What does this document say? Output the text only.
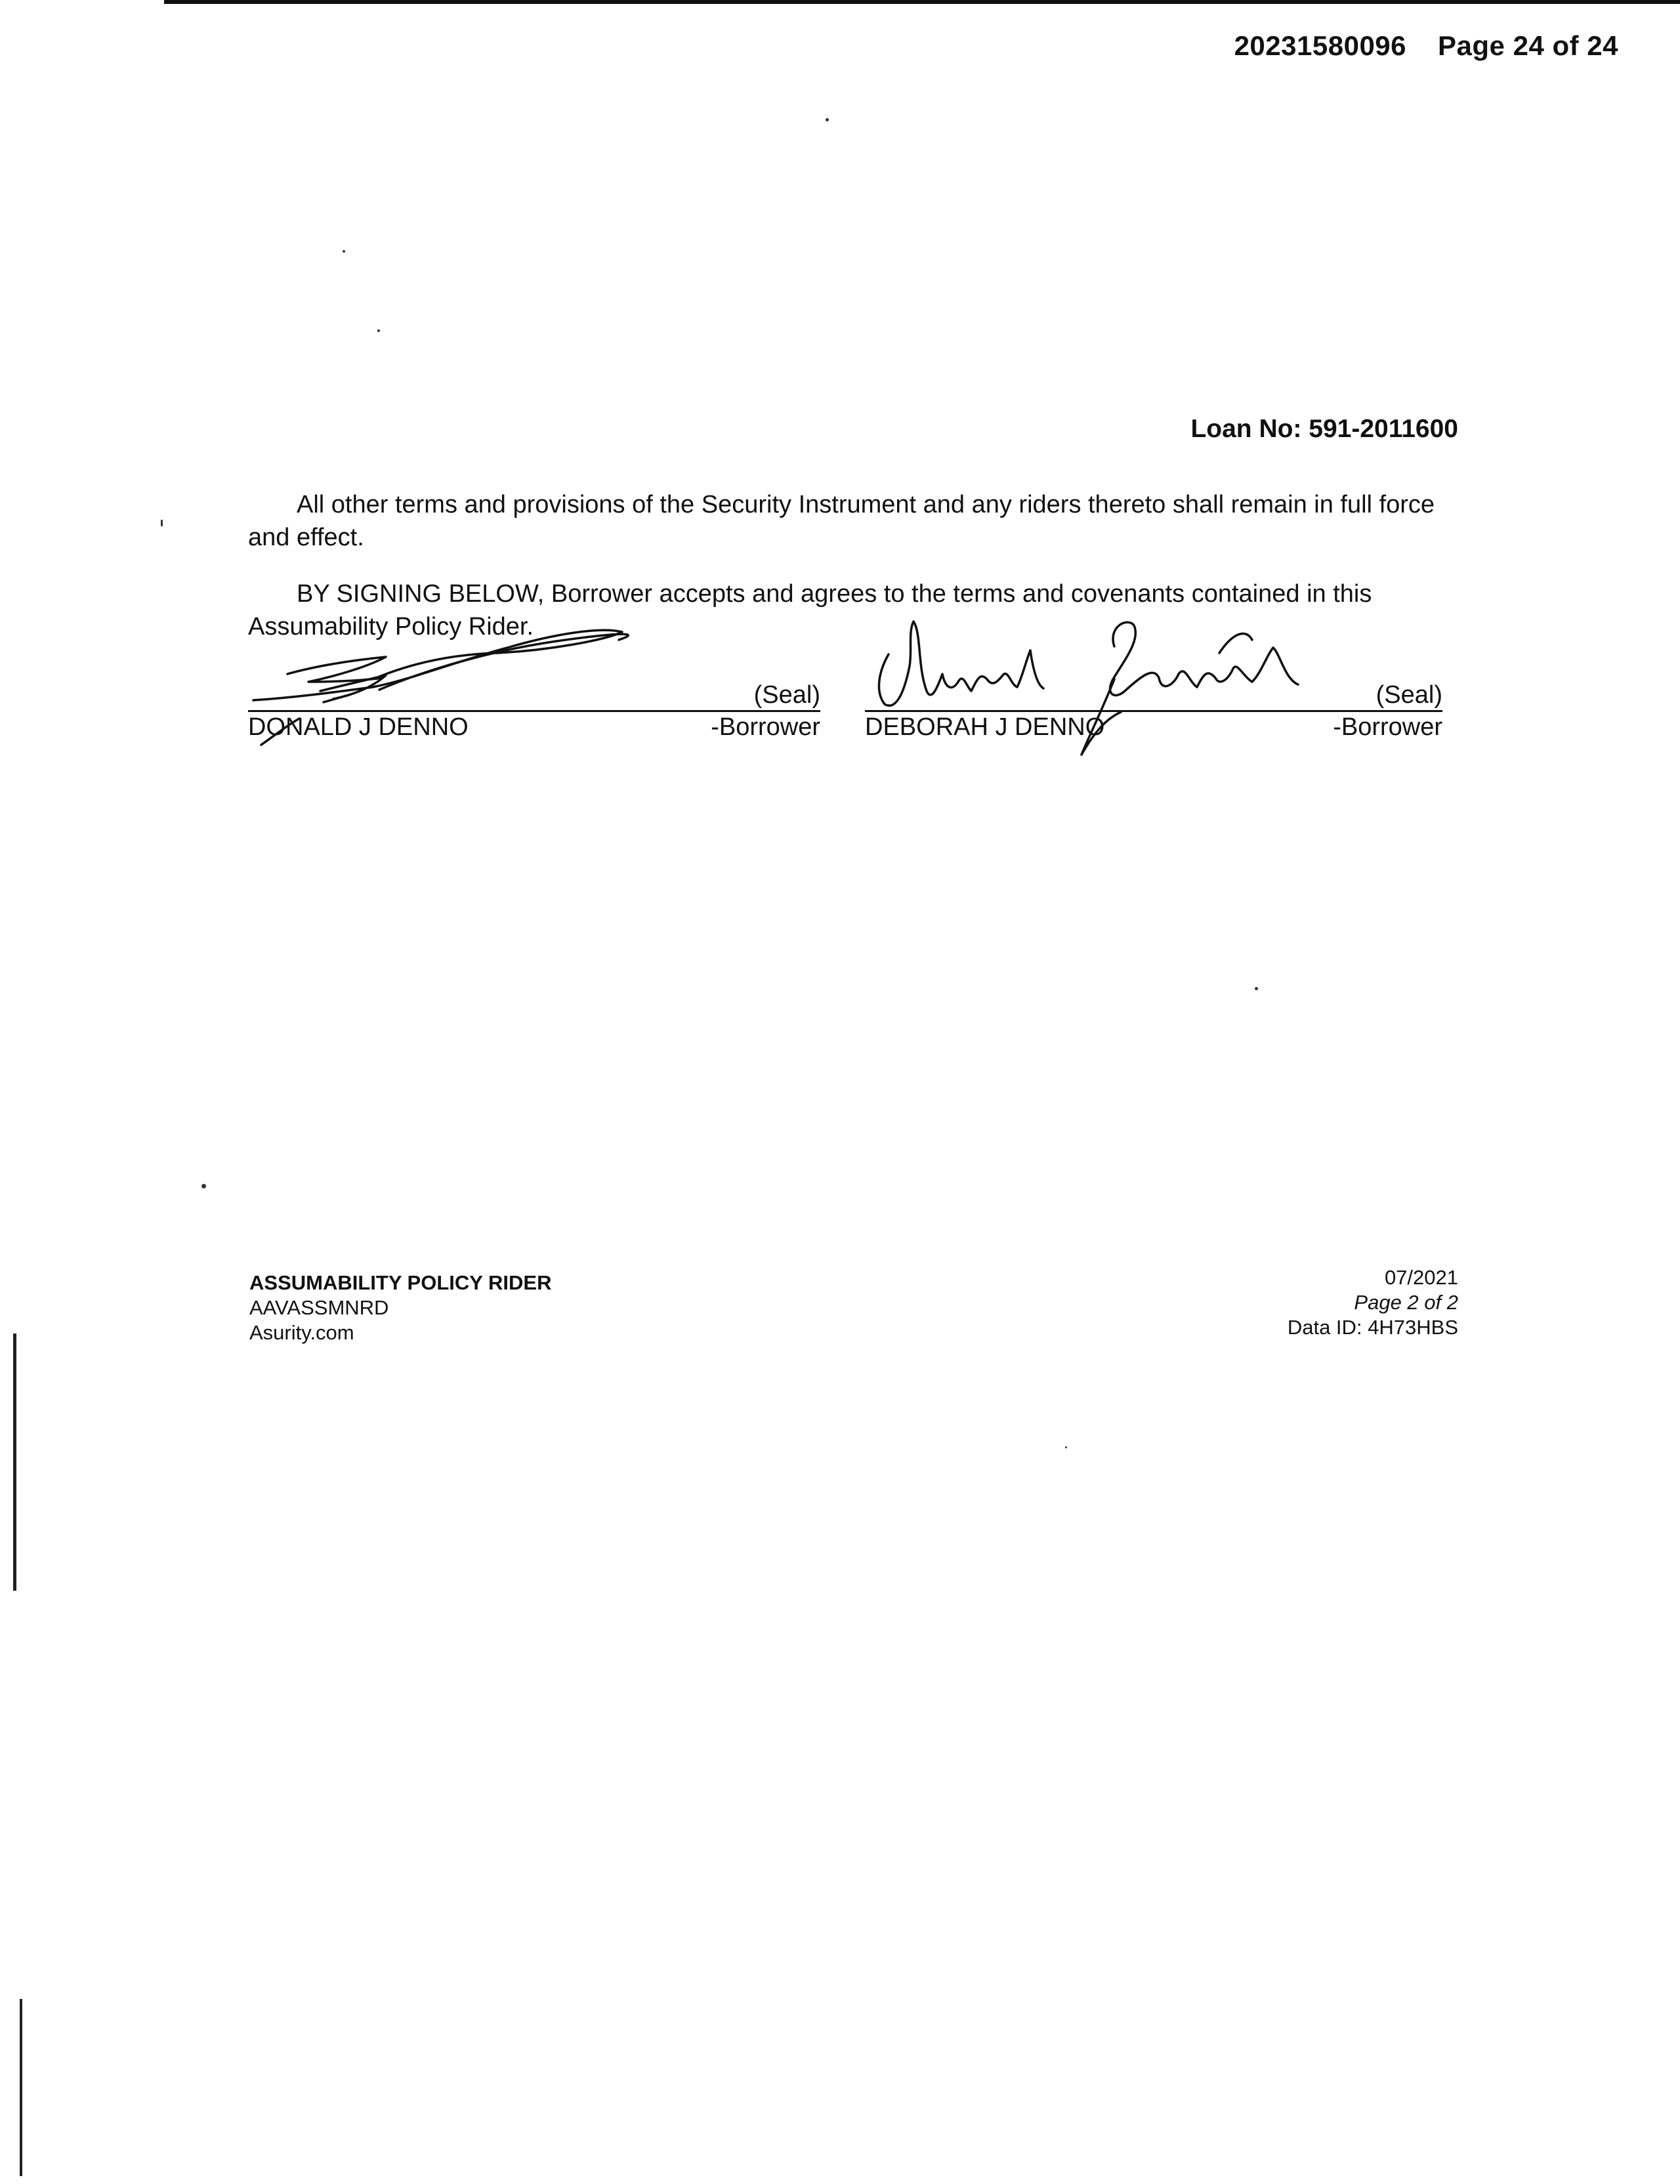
20231580096 Page 24 of 24
Loan No: 591-2011600

All other terms and provisions of the Security Instrument and any riders thereto shall remain in full force and effect.

BY SIGNING BELOW, Borrower accepts and agrees to the terms and covenants contained in this Assumability Policy Rider.

(Seal)
DONALD J DENNO	-Borrower
(Seal)
DEBORAH J DENNO	-Borrower
ASSUMABILITY POLICY RIDER
AAVASSMNRD
Asurity.com
07/2021
Page 2 of 2
Data ID: 4H73HBS
